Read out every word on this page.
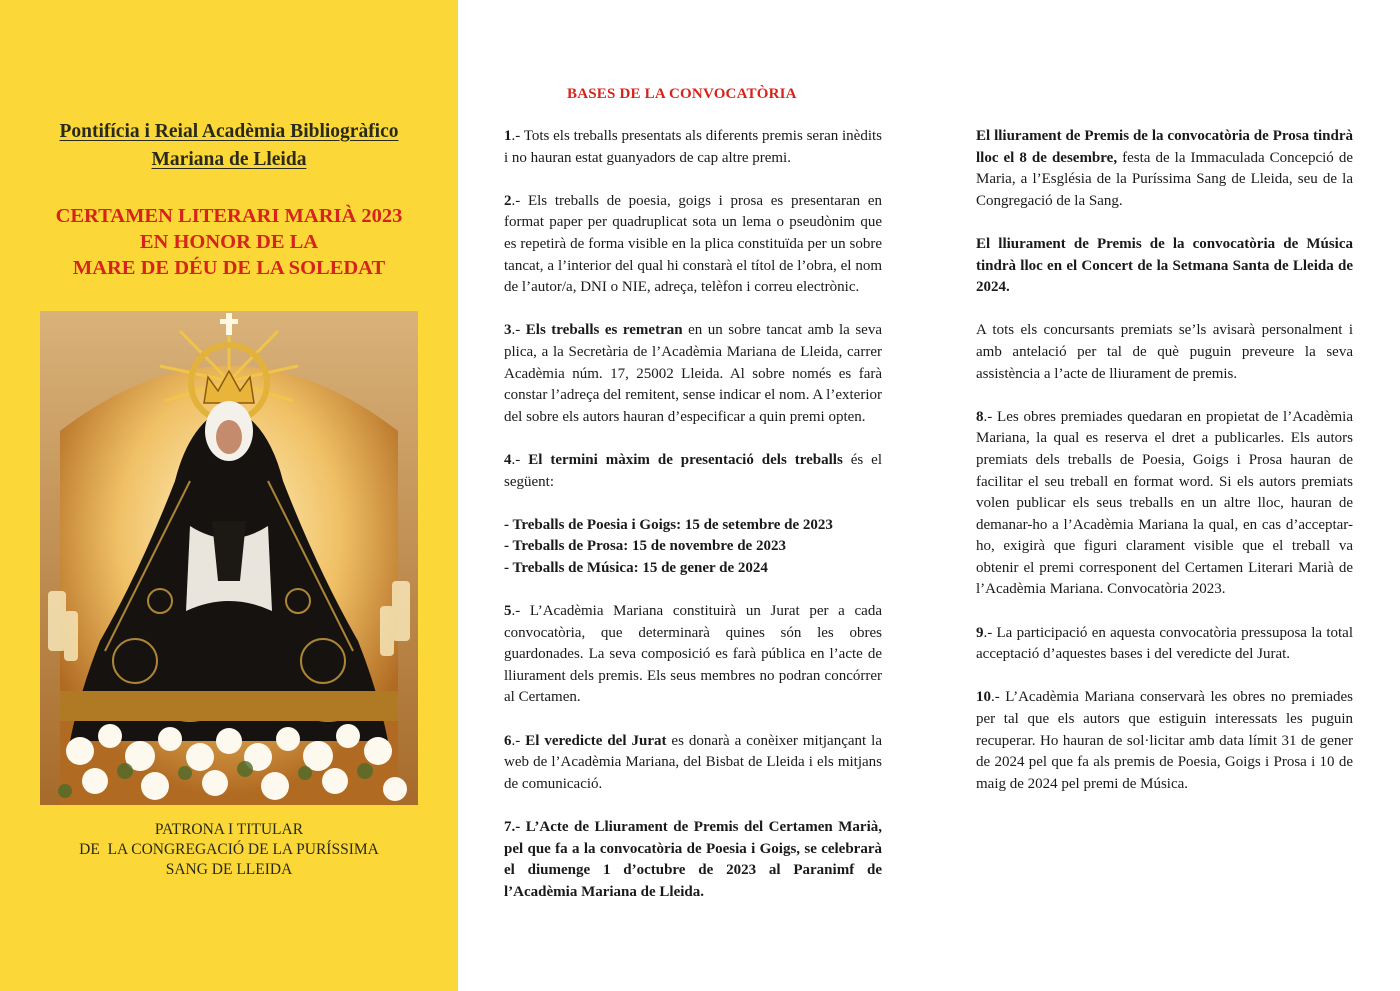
Pontifícia i Reial Acadèmia Bibliogràfico
Mariana de Lleida
CERTAMEN LITERARI MARIÀ 2023
EN HONOR DE LA
MARE DE DÉU DE LA SOLEDAT
PATRONA I TITULAR
DE  LA CONGREGACIÓ DE LA PURÍSSIMA
SANG DE LLEIDA
BASES DE LA CONVOCATÒRIA

1.- Tots els treballs presentats als diferents premis seran inèdits i no hauran estat guanyadors de cap altre premi.

2.- Els treballs de poesia, goigs i prosa es presentaran en format paper per quadruplicat sota un lema o pseudònim que es repetirà de forma visible en la plica constituïda per un sobre tancat, a l’interior del qual hi constarà el títol de l’obra, el nom de l’autor/a, DNI o NIE, adreça, telèfon i correu electrònic.

3.- Els treballs es remetran en un sobre tancat amb la seva plica, a la Secretària de l’Acadèmia Mariana de Lleida, carrer Acadèmia núm. 17, 25002 Lleida. Al sobre només es farà constar l’adreça del remitent, sense indicar el nom. A l’exterior del sobre els autors hauran d’especificar a quin premi opten.

4.- El termini màxim de presentació dels treballs és el següent:

- Treballs de Poesia i Goigs: 15 de setembre de 2023
- Treballs de Prosa: 15 de novembre de 2023
- Treballs de Música: 15 de gener de 2024

5.- L’Acadèmia Mariana constituirà un Jurat per a cada convocatòria, que determinarà quines són les obres guardonades. La seva composició es farà pública en l’acte de lliurament dels premis. Els seus membres no podran concórrer al Certamen.

6.- El veredicte del Jurat es donarà a conèixer mitjançant la web de l’Acadèmia Mariana, del Bisbat de Lleida i els mitjans de comunicació.

7.- L’Acte de Lliurament de Premis del Certamen Marià, pel que fa a la convocatòria de Poesia i Goigs, se celebrarà el diumenge 1 d’octubre de 2023 al Paranimf de l’Acadèmia Mariana de Lleida.

El lliurament de Premis de la convocatòria de Prosa tindrà lloc el 8 de desembre, festa de la Immaculada Concepció de Maria, a l’Església de la Puríssima Sang de Lleida, seu de la Congregació de la Sang.

El lliurament de Premis de la convocatòria de Música tindrà lloc en el Concert de la Setmana Santa de Lleida de 2024.

A tots els concursants premiats se’ls avisarà personalment i amb antelació per tal de què puguin preveure la seva assistència a l’acte de lliurament de premis.

8.- Les obres premiades quedaran en propietat de l’Acadèmia Mariana, la qual es reserva el dret a publicarles. Els autors premiats dels treballs de Poesia, Goigs i Prosa hauran de facilitar el seu treball en format word. Si els autors premiats volen publicar els seus treballs en un altre lloc, hauran de demanar-ho a l’Acadèmia Mariana la qual, en cas d’acceptar-ho, exigirà que figuri clarament visible que el treball va obtenir el premi corresponent del Certamen Literari Marià de l’Acadèmia Mariana. Convocatòria 2023.

9.- La participació en aquesta convocatòria pressuposa la total acceptació d’aquestes bases i del veredicte del Jurat.

10.- L’Acadèmia Mariana conservarà les obres no premiades per tal que els autors que estiguin interessats les puguin recuperar. Ho hauran de sol·licitar amb data límit 31 de gener de 2024 pel que fa als premis de Poesia, Goigs i Prosa i 10 de maig de 2024 pel premi de Música.
